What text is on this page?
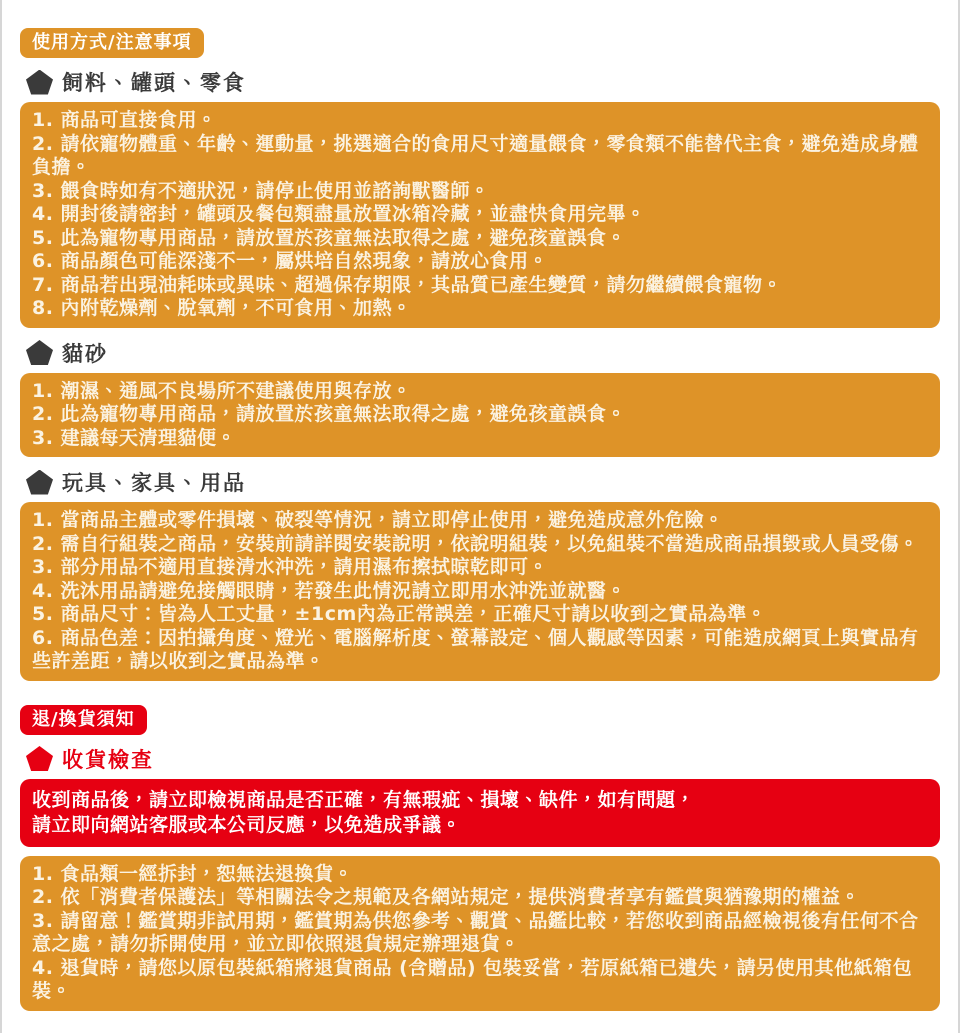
使用方式/注意事項
飼料、罐頭、零食
1. 商品可直接食用。
2. 請依寵物體重、年齡、運動量，挑選適合的食用尺寸適量餵食，零食類不能替代主食，避免造成身體負擔。
3. 餵食時如有不適狀況，請停止使用並諮詢獸醫師。
4. 開封後請密封，罐頭及餐包類盡量放置冰箱冷藏，並盡快食用完畢。
5. 此為寵物專用商品，請放置於孩童無法取得之處，避免孩童誤食。
6. 商品顏色可能深淺不一，屬烘培自然現象，請放心食用。
7. 商品若出現油耗味或異味、超過保存期限，其品質已產生變質，請勿繼續餵食寵物。
8. 內附乾燥劑、脫氧劑，不可食用、加熱。
貓砂
1. 潮濕、通風不良場所不建議使用與存放。
2. 此為寵物專用商品，請放置於孩童無法取得之處，避免孩童誤食。
3. 建議每天清理貓便。
玩具、家具、用品
1. 當商品主體或零件損壞、破裂等情況，請立即停止使用，避免造成意外危險。
2. 需自行組裝之商品，安裝前請詳閱安裝說明，依說明組裝，以免組裝不當造成商品損毀或人員受傷。
3. 部分用品不適用直接清水沖洗，請用濕布擦拭晾乾即可。
4. 洗沐用品請避免接觸眼睛，若發生此情況請立即用水沖洗並就醫。
5. 商品尺寸：皆為人工丈量，±1cm內為正常誤差，正確尺寸請以收到之實品為準。
6. 商品色差：因拍攝角度、燈光、電腦解析度、螢幕設定、個人觀感等因素，可能造成網頁上與實品有些許差距，請以收到之實品為準。
退/換貨須知
收貨檢查
收到商品後，請立即檢視商品是否正確，有無瑕疵、損壞、缺件，如有問題，
請立即向網站客服或本公司反應，以免造成爭議。
1. 食品類一經拆封，恕無法退換貨。
2. 依「消費者保護法」等相關法令之規範及各網站規定，提供消費者享有鑑賞與猶豫期的權益。
3. 請留意！鑑賞期非試用期，鑑賞期為供您參考、觀賞、品鑑比較，若您收到商品經檢視後有任何不合意之處，請勿拆開使用，並立即依照退貨規定辦理退貨。
4. 退貨時，請您以原包裝紙箱將退貨商品 (含贈品) 包裝妥當，若原紙箱已遺失，請另使用其他紙箱包裝。
